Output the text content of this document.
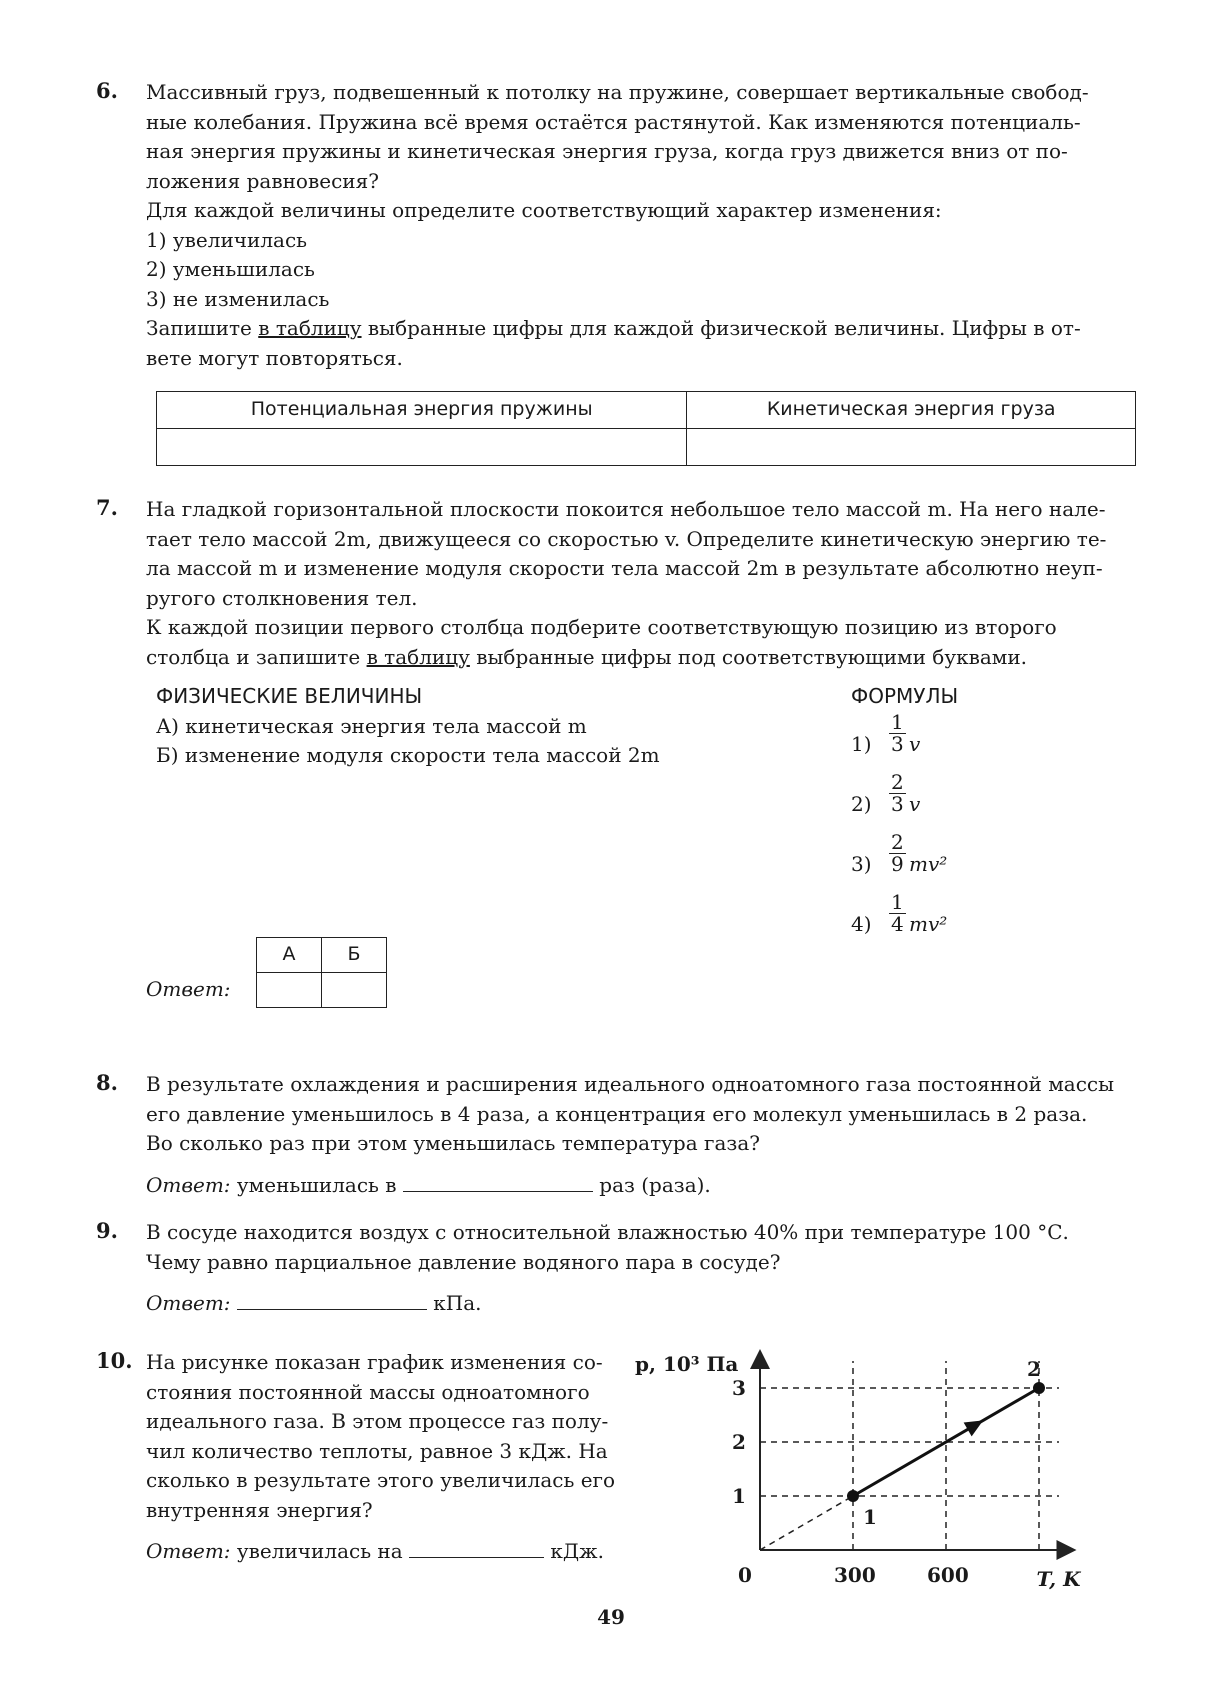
6. Массивный груз, подвешенный к потолку на пружине, совершает вертикальные свобод-
ные колебания. Пружина всё время остаётся растянутой. Как изменяются потенциаль-
ная энергия пружины и кинетическая энергия груза, когда груз движется вниз от по-
ложения равновесия?
Для каждой величины определите соответствующий характер изменения:
1) увеличилась
2) уменьшилась
3) не изменилась
Запишите в таблицу выбранные цифры для каждой физической величины. Цифры в от-
вете могут повторяться.
Потенциальная энергия пружины	Кинетическая энергия груза

7. На гладкой горизонтальной плоскости покоится небольшое тело массой m. На него нале-
тает тело массой 2m, движущееся со скоростью v. Определите кинетическую энергию те-
ла массой m и изменение модуля скорости тела массой 2m в результате абсолютно неуп-
ругого столкновения тел.
К каждой позиции первого столбца подберите соответствующую позицию из второго
столбца и запишите в таблицу выбранные цифры под соответствующими буквами.
ФИЗИЧЕСКИЕ ВЕЛИЧИНЫ
А) кинетическая энергия тела массой m
Б) изменение модуля скорости тела массой 2m
ФОРМУЛЫ
$1) \frac{1}{3}$ v
$2) \frac{2}{3}$ v
$3) \frac{2}{9} mv^2$
$4) \frac{1}{4} mv^2$
Ответ:
А	Б

8. В результате охлаждения и расширения идеального одноатомного газа постоянной массы
его давление уменьшилось в 4 раза, а концентрация его молекул уменьшилась в 2 раза.
Во сколько раз при этом уменьшилась температура газа?
Ответ: уменьшилась в	раз (раза).
9. В сосуде находится воздух с относительной влажностью 40% при температуре 100 °С.
Чему равно парциальное давление водяного пара в сосуде?
Ответ:	кПа.
10. На рисунке показан график изменения со-
стояния постоянной массы одноатомного
идеального газа. В этом процессе газ полу-
чил количество теплоты, равное 3 кДж. На
сколько в результате этого увеличилась его
внутренняя энергия?
Ответ: увеличилась на	кДж.
1
2
3
300	600
0	T, K
p, 10³ Па
1
2
49
